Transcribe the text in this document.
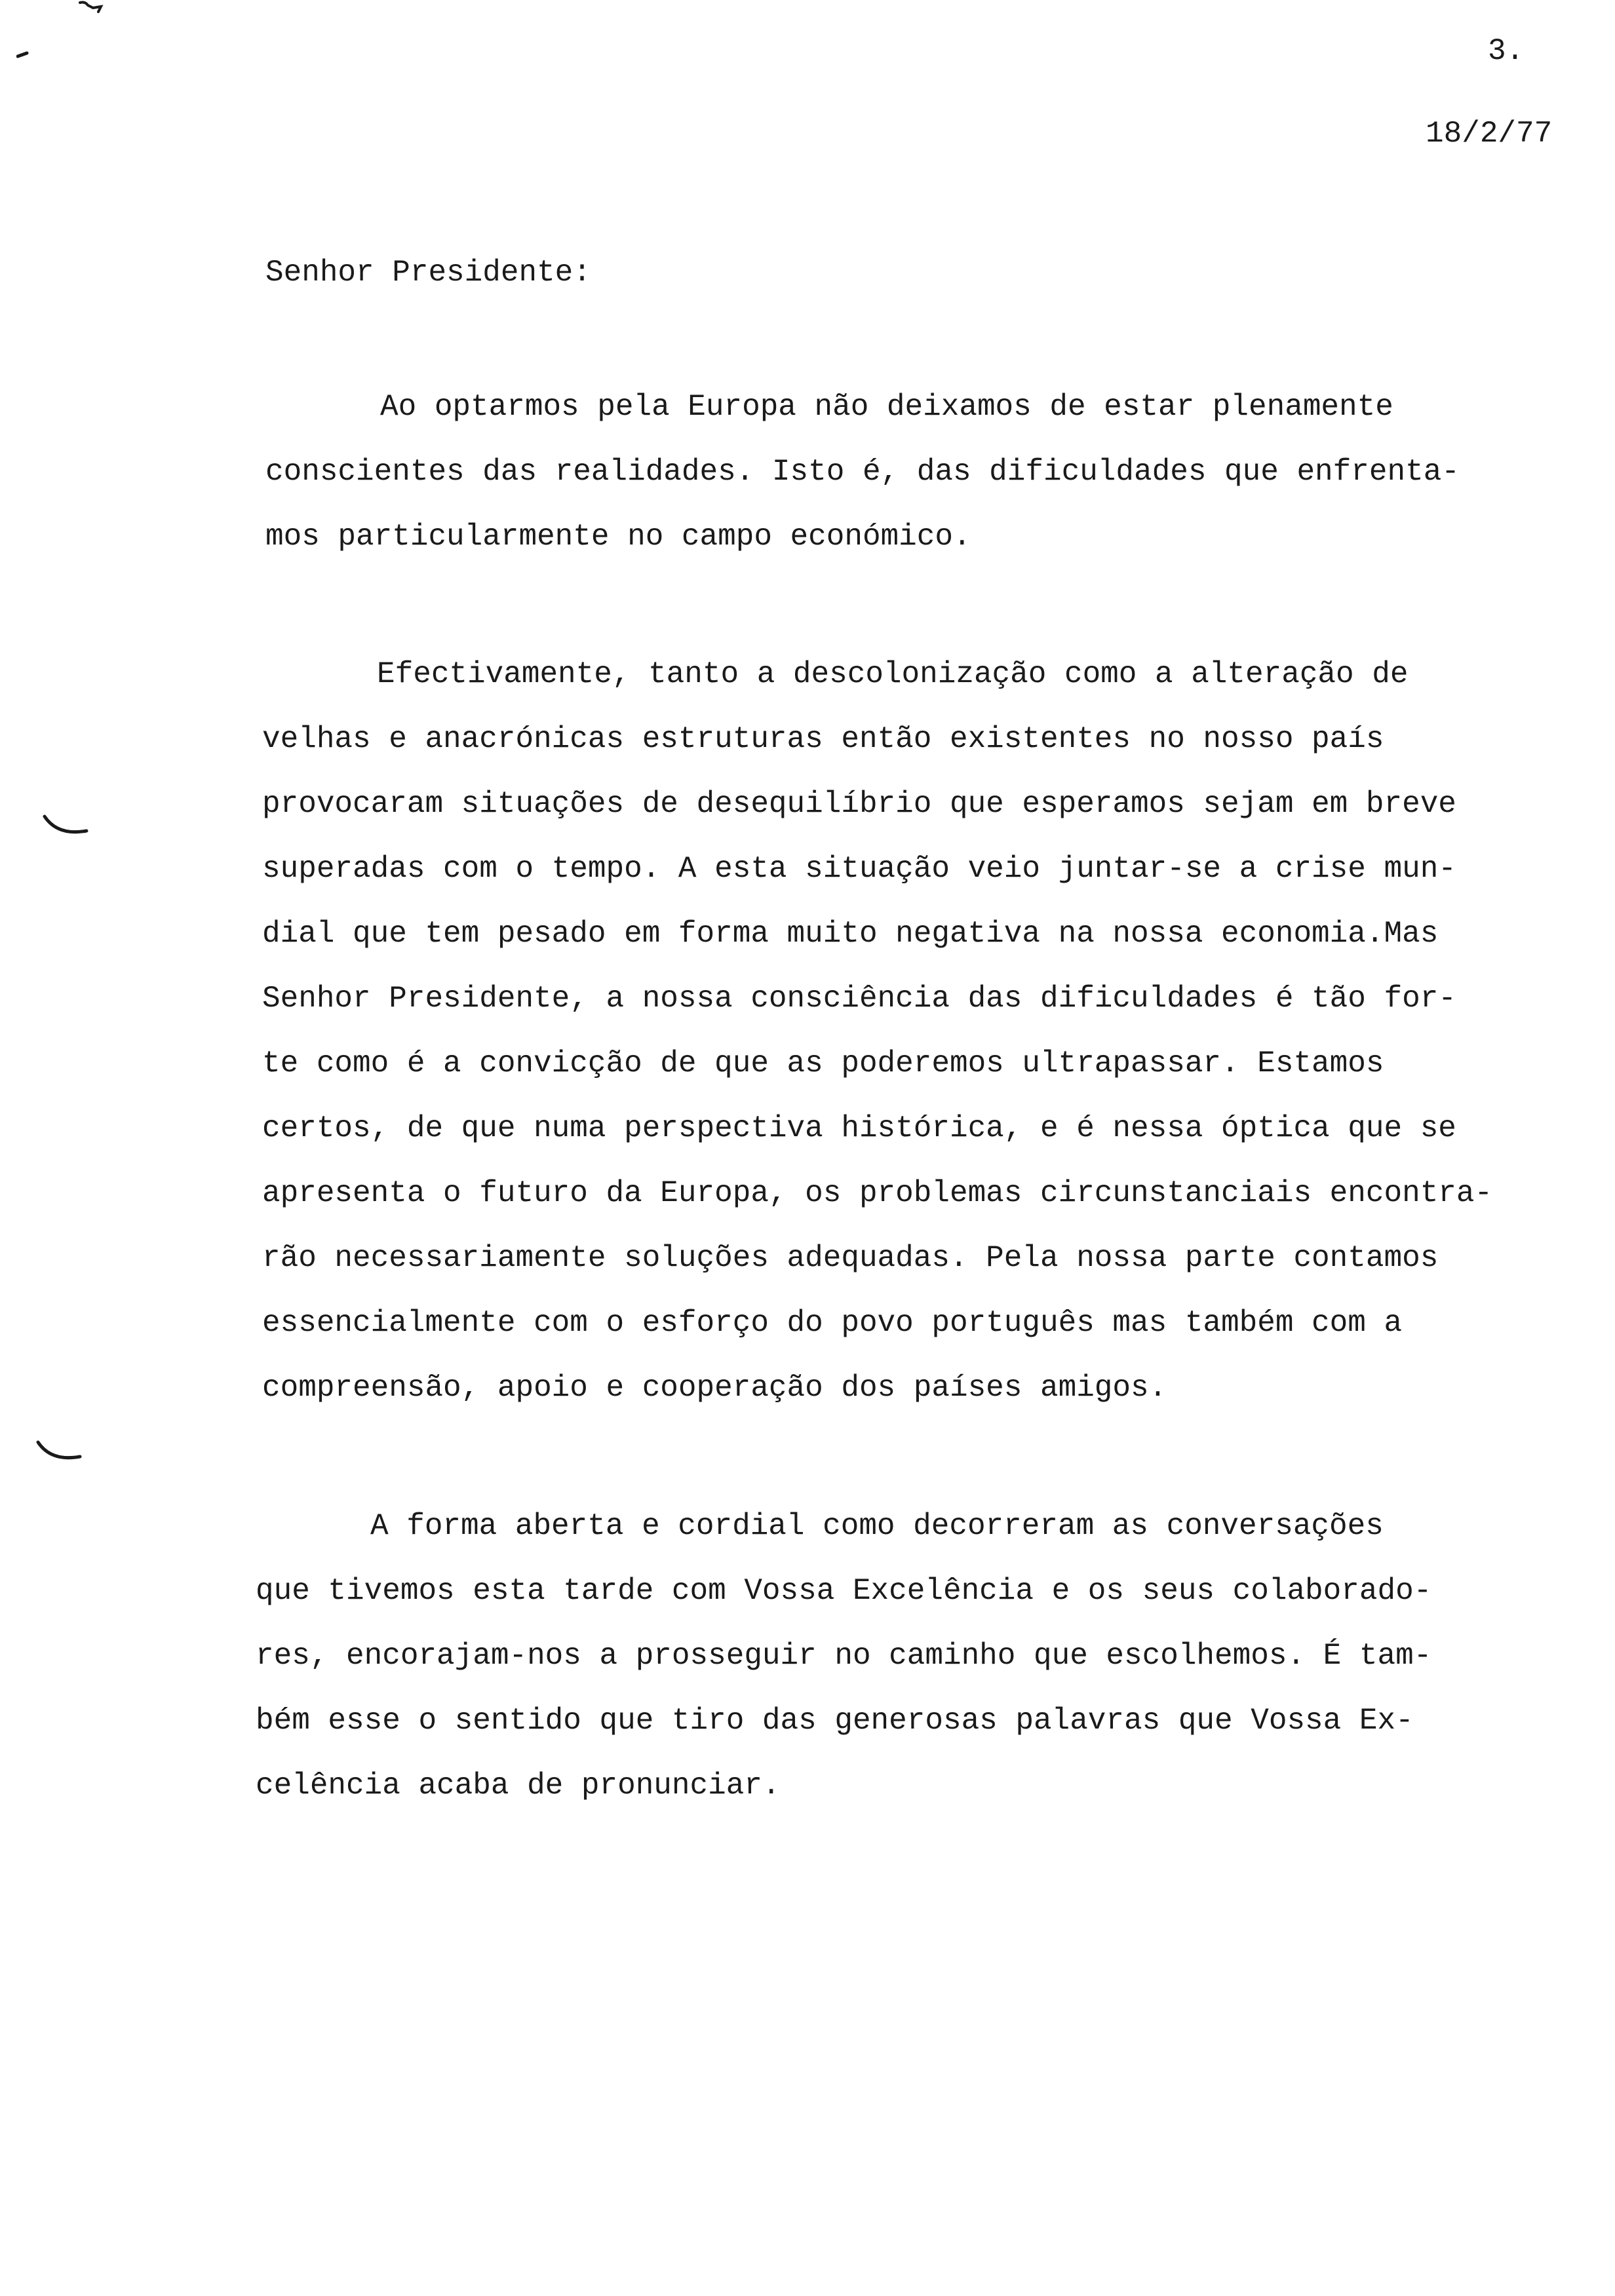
3.
18/2/77
Senhor Presidente:
Ao optarmos pela Europa não deixamos de estar plenamente
conscientes das realidades. Isto é, das dificuldades que enfrenta-
mos particularmente no campo económico.
Efectivamente, tanto a descolonização como a alteração de
velhas e anacrónicas estruturas então existentes no nosso país
provocaram situações de desequilíbrio que esperamos sejam em breve
superadas com o tempo. A esta situação veio juntar-se a crise mun-
dial que tem pesado em forma muito negativa na nossa economia.Mas
Senhor Presidente, a nossa consciência das dificuldades é tão for-
te como é a convicção de que as poderemos ultrapassar. Estamos
certos, de que numa perspectiva histórica, e é nessa óptica que se
apresenta o futuro da Europa, os problemas circunstanciais encontra-
rão necessariamente soluções adequadas. Pela nossa parte contamos
essencialmente com o esforço do povo português mas também com a
compreensão, apoio e cooperação dos países amigos.
A forma aberta e cordial como decorreram as conversações
que tivemos esta tarde com Vossa Excelência e os seus colaborado-
res, encorajam-nos a prosseguir no caminho que escolhemos. É tam-
bém esse o sentido que tiro das generosas palavras que Vossa Ex-
celência acaba de pronunciar.
